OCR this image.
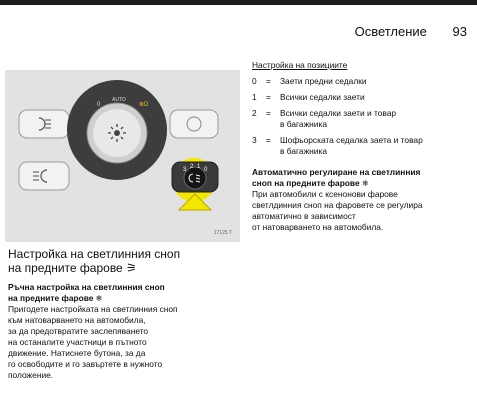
Осветление 93
0
AUTO
≣D
3 2 1 0
17125 T
Настройка на светлинния сноп
на предните фарове ⚞
Ръчна настройка на светлинния сноп
на предните фарове ❄
Пригодете настройката на светлинния сноп
към натоварването на автомобила,
за да предотвратите заслепяването
на останалите участници в пътното
движение. Натиснете бутона, за да
го освободите и го завъртете в нужното
положение.
Настройка на позициите
0 = Заети предни седалки
1 = Всички седалки заети
2 = Всички седалки заети и товар
в багажника
3 = Шофьорската седалка заета и товар
в багажника
Автоматично регулиране на светлинния
сноп на предните фарове ❄
При автомобили с ксенонови фарове
светлдинния сноп на фаровете се регулира
автоматично в зависимост
от натоварването на автомобила.
